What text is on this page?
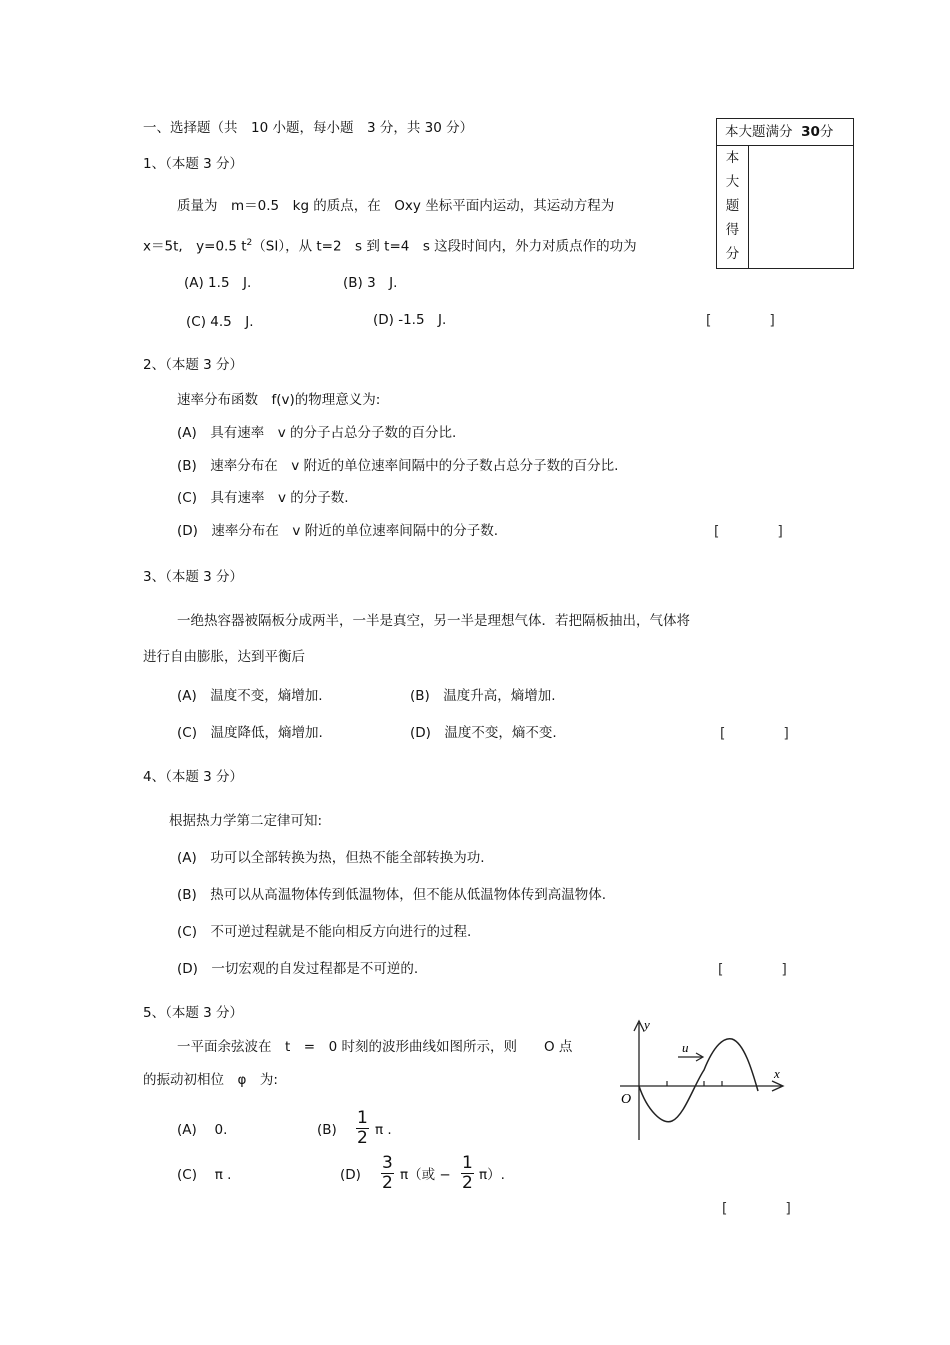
一、选择题（共　10 小题，每小题　3 分，共 30 分）	本大题满分 30分
本
大
题
得
分
1、（本题 3 分）
质量为　m＝0.5　kg 的质点，在　Oxy 坐标平面内运动，其运动方程为
x＝5t,　y=0.5 $t^2(SI)$，从 t=2　s 到 t=4　s 这段时间内，外力对质点作的功为
(A) 1.5　J.	(B) 3　J.
(C) 4.5　J.	(D) -1.5　J.	[　　　　]
2、（本题 3 分）
速率分布函数　f(v)的物理意义为:
(A)　具有速率　v 的分子占总分子数的百分比.
(B)　速率分布在　v 附近的单位速率间隔中的分子数占总分子数的百分比.
(C)　具有速率　v 的分子数.
(D)　速率分布在　v 附近的单位速率间隔中的分子数.	[　　　　]
3、（本题 3 分）
一绝热容器被隔板分成两半，一半是真空，另一半是理想气体．若把隔板抽出，气体将
进行自由膨胀，达到平衡后
(A)　温度不变，熵增加.	(B)　温度升高，熵增加.
(C)　温度降低，熵增加.	(D)　温度不变，熵不变.	[　　　　]
4、（本题 3 分）
根据热力学第二定律可知:
(A)　功可以全部转换为热，但热不能全部转换为功.
(B)　热可以从高温物体传到低温物体，但不能从低温物体传到高温物体.
(C)　不可逆过程就是不能向相反方向进行的过程.
(D)　一切宏观的自发过程都是不可逆的.	[　　　　]
5、（本题 3 分）
一平面余弦波在　t　=　0 时刻的波形曲线如图所示，则　　O 点
的振动初相位　φ　为:
(A)　 0.	$(B) \frac{1}{2}$ π .
(C)　 π .	$(D) \frac{3}{2} \pi$（或 − $\frac{1}{2} \pi$）.
[　　　　]
y
x
O
u
